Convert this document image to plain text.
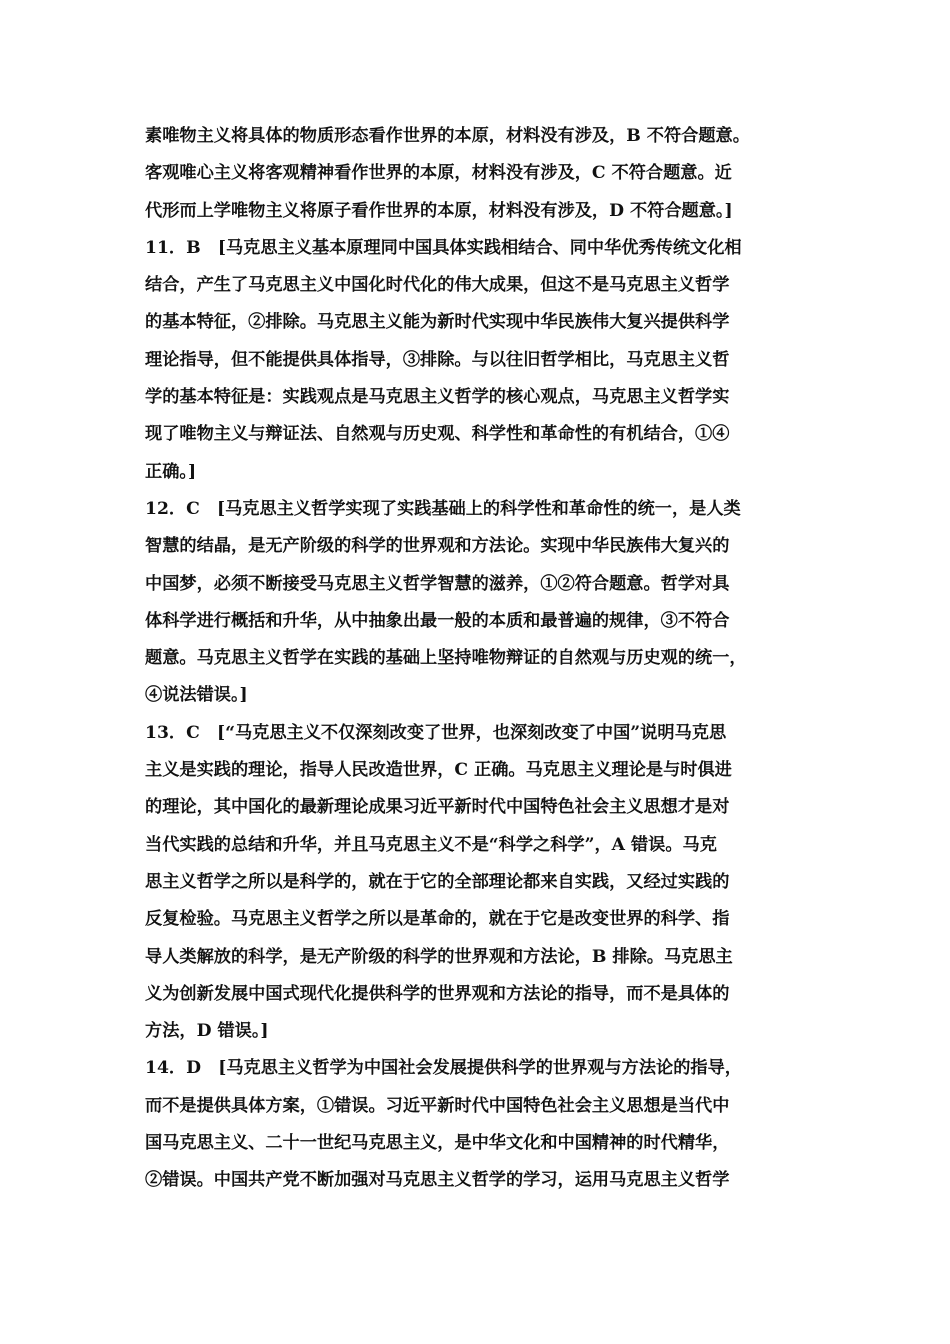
素唯物主义将具体的物质形态看作世界的本原，材料没有涉及，B 不符合题意。
客观唯心主义将客观精神看作世界的本原，材料没有涉及，C 不符合题意。近
代形而上学唯物主义将原子看作世界的本原，材料没有涉及，D 不符合题意。]
11．B　[马克思主义基本原理同中国具体实践相结合、同中华优秀传统文化相
结合，产生了马克思主义中国化时代化的伟大成果，但这不是马克思主义哲学
的基本特征，②排除。马克思主义能为新时代实现中华民族伟大复兴提供科学
理论指导，但不能提供具体指导，③排除。与以往旧哲学相比，马克思主义哲
学的基本特征是：实践观点是马克思主义哲学的核心观点，马克思主义哲学实
现了唯物主义与辩证法、自然观与历史观、科学性和革命性的有机结合，①④
正确。]
12．C　[马克思主义哲学实现了实践基础上的科学性和革命性的统一，是人类
智慧的结晶，是无产阶级的科学的世界观和方法论。实现中华民族伟大复兴的
中国梦，必须不断接受马克思主义哲学智慧的滋养，①②符合题意。哲学对具
体科学进行概括和升华，从中抽象出最一般的本质和最普遍的规律，③不符合
题意。马克思主义哲学在实践的基础上坚持唯物辩证的自然观与历史观的统一，
④说法错误。]
13．C　[“马克思主义不仅深刻改变了世界，也深刻改变了中国”说明马克思
主义是实践的理论，指导人民改造世界，C 正确。马克思主义理论是与时俱进
的理论，其中国化的最新理论成果习近平新时代中国特色社会主义思想才是对
当代实践的总结和升华，并且马克思主义不是“科学之科学”，A 错误。马克
思主义哲学之所以是科学的，就在于它的全部理论都来自实践，又经过实践的
反复检验。马克思主义哲学之所以是革命的，就在于它是改变世界的科学、指
导人类解放的科学，是无产阶级的科学的世界观和方法论，B 排除。马克思主
义为创新发展中国式现代化提供科学的世界观和方法论的指导，而不是具体的
方法，D 错误。]
14．D　[马克思主义哲学为中国社会发展提供科学的世界观与方法论的指导，
而不是提供具体方案，①错误。习近平新时代中国特色社会主义思想是当代中
国马克思主义、二十一世纪马克思主义，是中华文化和中国精神的时代精华，
②错误。中国共产党不断加强对马克思主义哲学的学习，运用马克思主义哲学
